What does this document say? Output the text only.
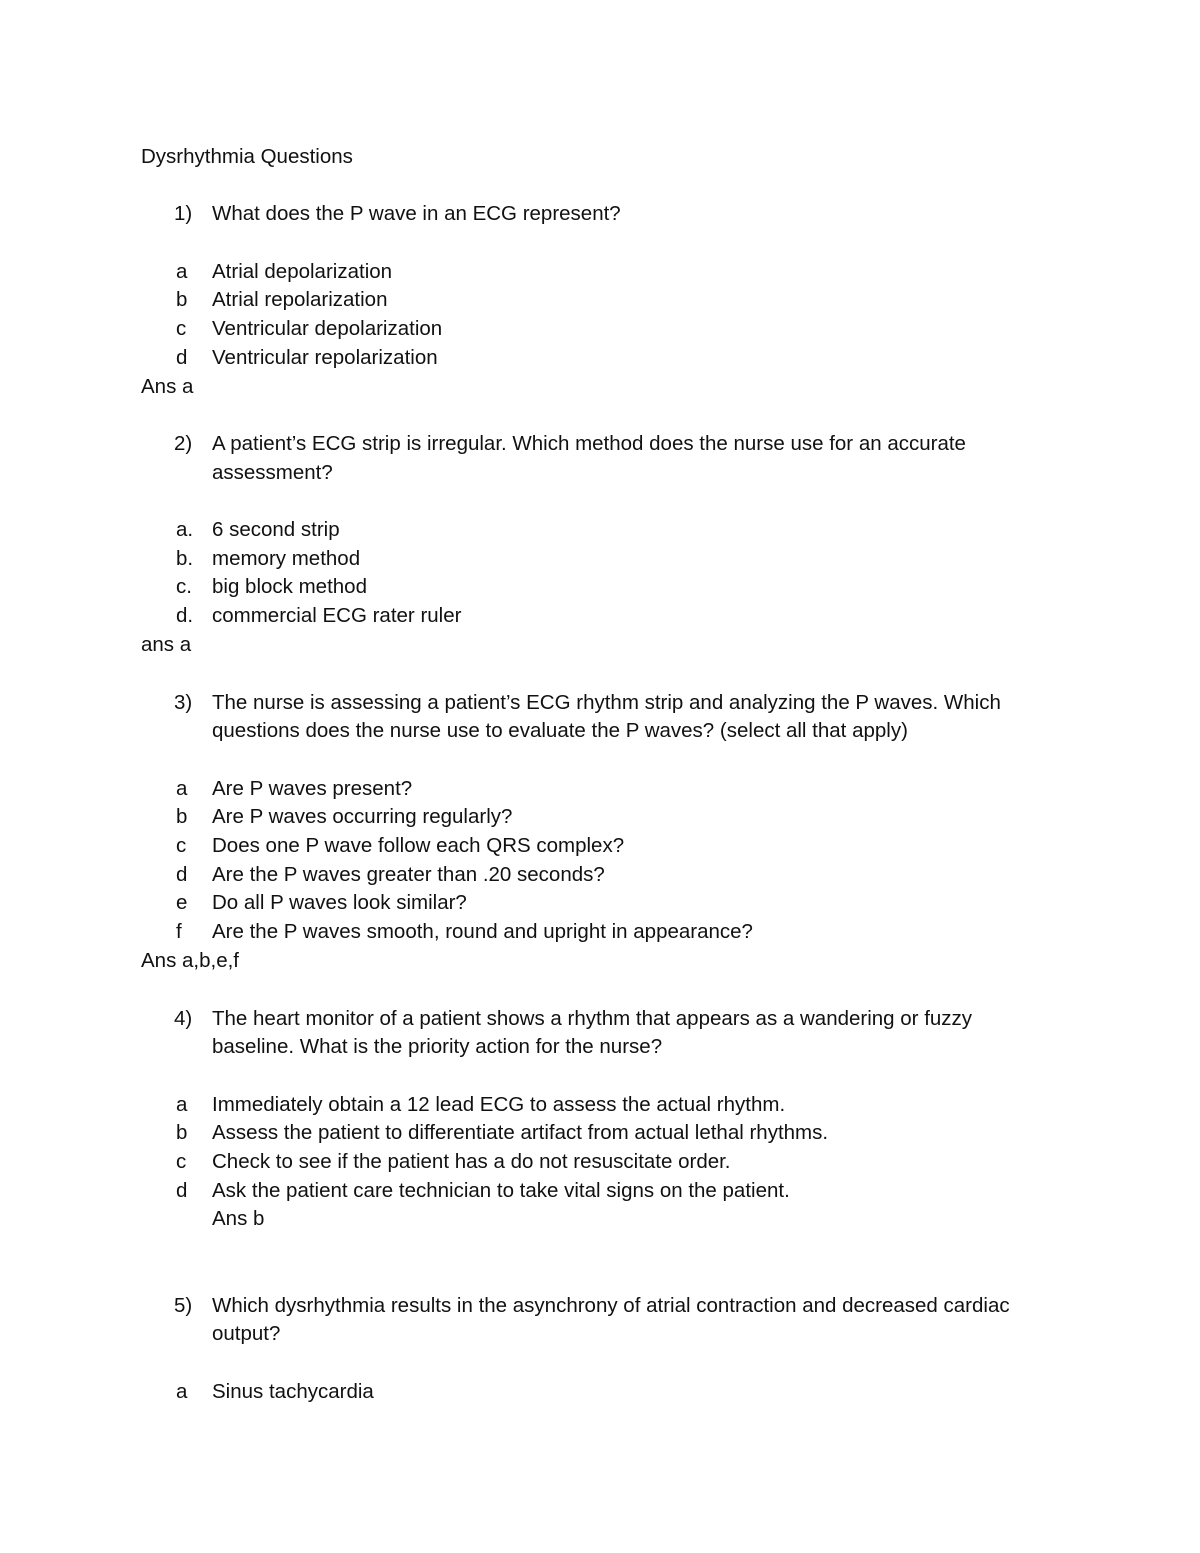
Dysrhythmia Questions
1) What does the P wave in an ECG represent?
a	Atrial depolarization
b	Atrial repolarization
c	Ventricular depolarization
d	Ventricular repolarization
Ans a
2) A patient’s ECG strip is irregular. Which method does the nurse use for an accurate
assessment?
a. 6 second strip
b. memory method
c. big block method
d. commercial ECG rater ruler
ans a
3) The nurse is assessing a patient’s ECG rhythm strip and analyzing the P waves. Which
questions does the nurse use to evaluate the P waves? (select all that apply)
a	Are P waves present?
b	Are P waves occurring regularly?
c	Does one P wave follow each QRS complex?
d	Are the P waves greater than .20 seconds?
e	Do all P waves look similar?
f	Are the P waves smooth, round and upright in appearance?
Ans a,b,e,f
4) The heart monitor of a patient shows a rhythm that appears as a wandering or fuzzy
baseline. What is the priority action for the nurse?
a	Immediately obtain a 12 lead ECG to assess the actual rhythm.
b	Assess the patient to differentiate artifact from actual lethal rhythms.
c	Check to see if the patient has a do not resuscitate order.
d	Ask the patient care technician to take vital signs on the patient.
Ans b
5) Which dysrhythmia results in the asynchrony of atrial contraction and decreased cardiac
output?
a	Sinus tachycardia
